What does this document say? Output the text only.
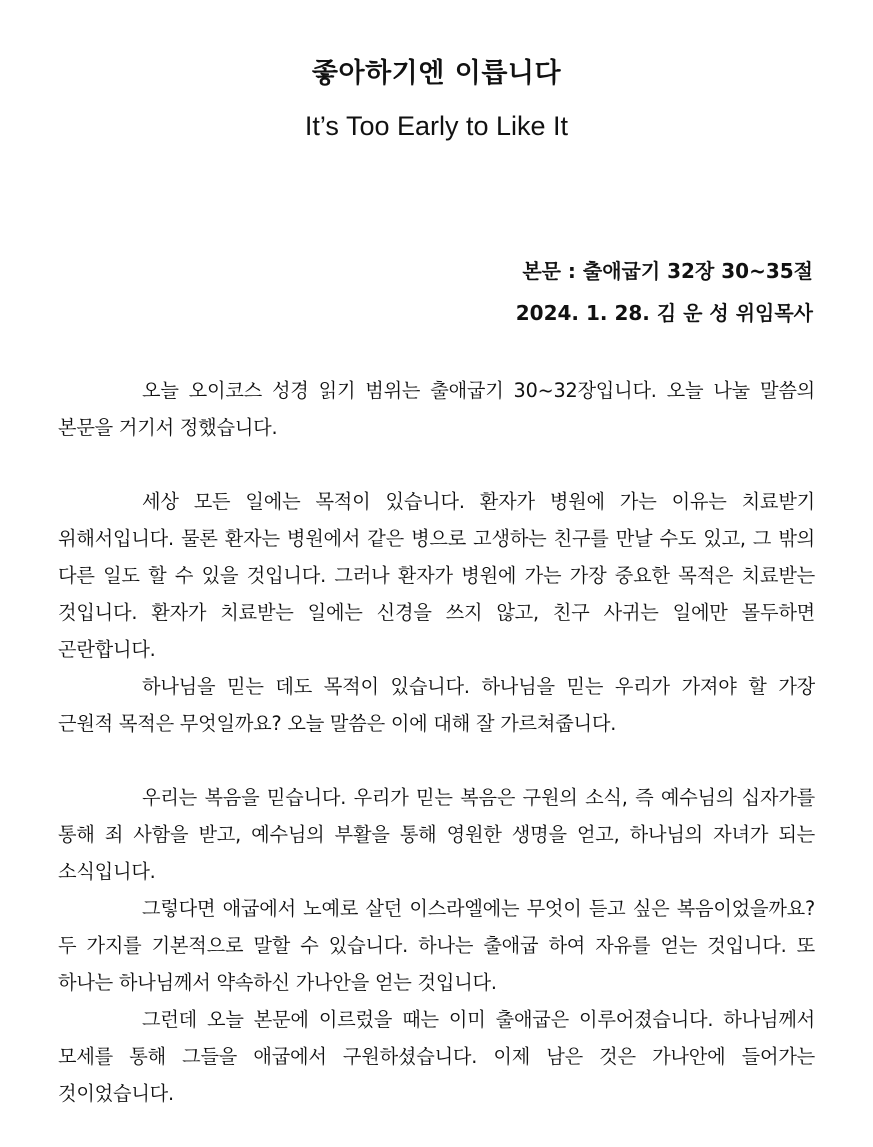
좋아하기엔 이릅니다
It’s Too Early to Like It
본문 : 출애굽기 32장 30~35절
2024. 1. 28. 김 운 성 위임목사

오늘 오이코스 성경 읽기 범위는 출애굽기 30~32장입니다. 오늘 나눌 말씀의 본문을 거기서 정했습니다.

세상 모든 일에는 목적이 있습니다. 환자가 병원에 가는 이유는 치료받기 위해서입니다. 물론 환자는 병원에서 같은 병으로 고생하는 친구를 만날 수도 있고, 그 밖의 다른 일도 할 수 있을 것입니다. 그러나 환자가 병원에 가는 가장 중요한 목적은 치료받는 것입니다. 환자가 치료받는 일에는 신경을 쓰지 않고, 친구 사귀는 일에만 몰두하면 곤란합니다.

하나님을 믿는 데도 목적이 있습니다. 하나님을 믿는 우리가 가져야 할 가장 근원적 목적은 무엇일까요? 오늘 말씀은 이에 대해 잘 가르쳐줍니다.

우리는 복음을 믿습니다. 우리가 믿는 복음은 구원의 소식, 즉 예수님의 십자가를 통해 죄 사함을 받고, 예수님의 부활을 통해 영원한 생명을 얻고, 하나님의 자녀가 되는 소식입니다.

그렇다면 애굽에서 노예로 살던 이스라엘에는 무엇이 듣고 싶은 복음이었을까요? 두 가지를 기본적으로 말할 수 있습니다. 하나는 출애굽 하여 자유를 얻는 것입니다. 또 하나는 하나님께서 약속하신 가나안을 얻는 것입니다.

그런데 오늘 본문에 이르렀을 때는 이미 출애굽은 이루어졌습니다. 하나님께서 모세를 통해 그들을 애굽에서 구원하셨습니다. 이제 남은 것은 가나안에 들어가는 것이었습니다.
